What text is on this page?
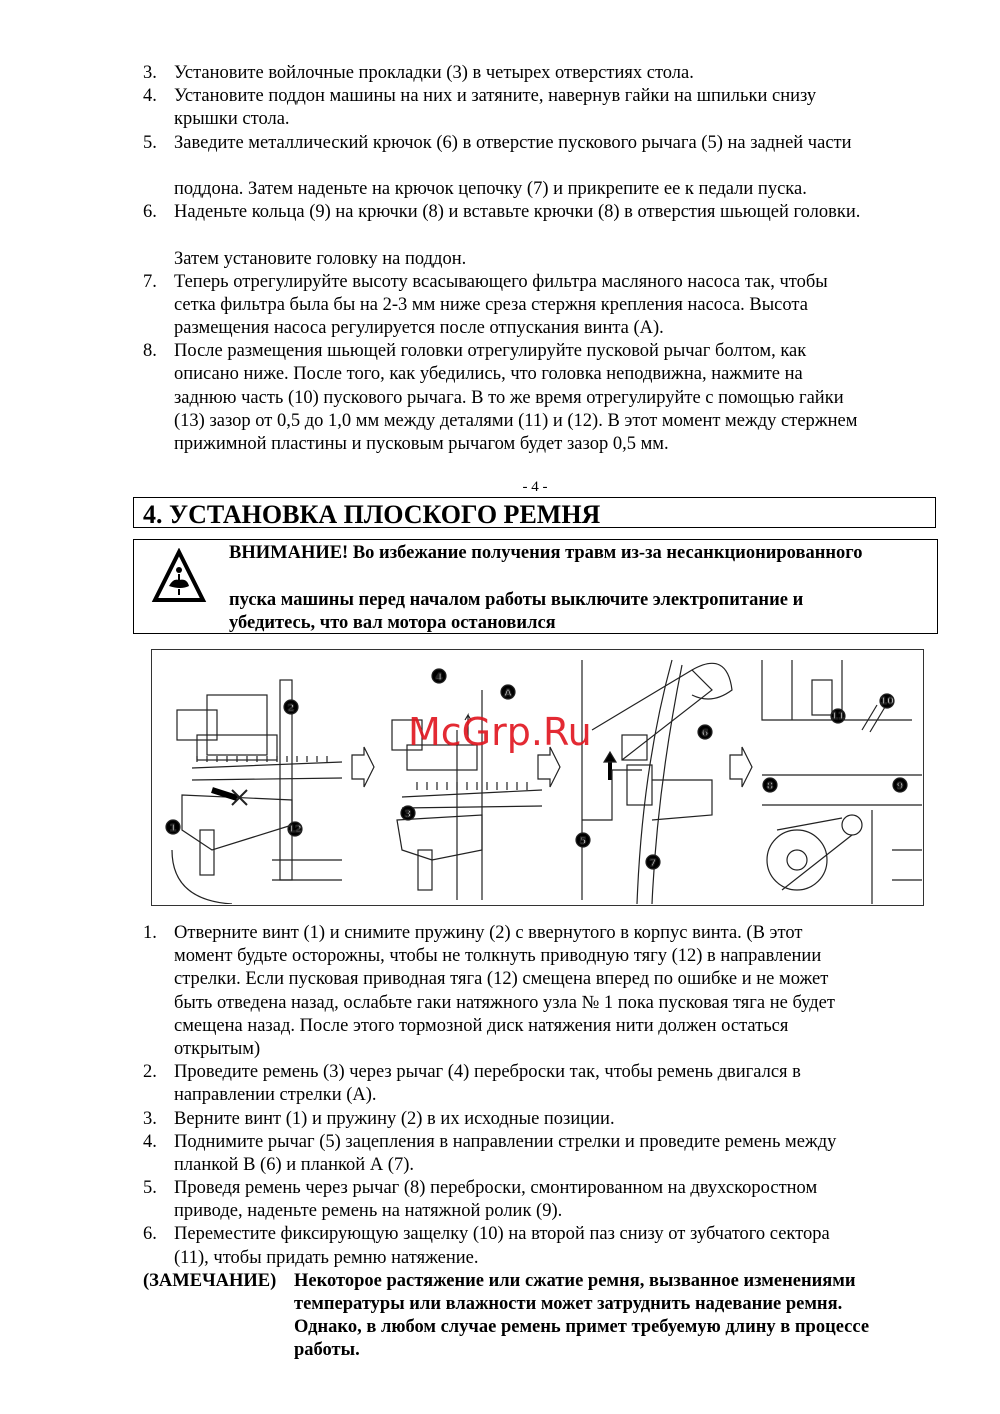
3. Установите войлочные прокладки (3) в четырех отверстиях стола.
4. Установите поддон машины на них и затяните, навернув гайки на шпильки снизу
крышки стола.
5. Заведите металлический крючок (6) в отверстие пускового рычага (5) на задней части
поддона. Затем наденьте на крючок цепочку (7) и прикрепите ее к педали пуска.
6. Наденьте кольца (9) на крючки (8) и вставьте крючки (8) в отверстия шьющей головки.
Затем установите головку на поддон.
7. Теперь отрегулируйте высоту всасывающего фильтра масляного насоса так, чтобы
сетка фильтра была бы на 2-3 мм ниже среза стержня крепления насоса. Высота
размещения насоса регулируется после отпускания винта (А).
8. После размещения шьющей головки отрегулируйте пусковой рычаг болтом, как
описано ниже. После того, как убедились, что головка неподвижна, нажмите на
заднюю часть (10) пускового рычага. В то же время отрегулируйте с помощью гайки
(13) зазор от 0,5 до 1,0 мм между деталями (11) и (12). В этот момент между стержнем
прижимной пластины и пусковым рычагом будет зазор 0,5 мм.
- 4 -
4. УСТАНОВКА ПЛОСКОГО РЕМНЯ
ВНИМАНИЕ! Во избежание получения травм из-за несанкционированного
пуска машины перед началом работы выключите электропитание и
убедитесь, что вал мотора остановился
1
2
12
4
A
3
5
6
7
8	9
10
11
McGrp.Ru
1. Отверните винт (1) и снимите пружину (2) с ввернутого в корпус винта. (В этот
момент будьте осторожны, чтобы не толкнуть приводную тягу (12) в направлении
стрелки. Если пусковая приводная тяга (12) смещена вперед по ошибке и не может
быть отведена назад, ослабьте гаки натяжного узла № 1 пока пусковая тяга не будет
смещена назад. После этого тормозной диск натяжения нити должен остаться
открытым)
2. Проведите ремень (3) через рычаг (4) переброски так, чтобы ремень двигался в
направлении стрелки (А).
3. Верните винт (1) и пружину (2) в их исходные позиции.
4. Поднимите рычаг (5) зацепления в направлении стрелки и проведите ремень между
планкой В (6) и планкой А (7).
5. Проведя ремень через рычаг (8) переброски, смонтированном на двухскоростном
приводе, наденьте ремень на натяжной ролик (9).
6. Переместите фиксирующую защелку (10) на второй паз снизу от зубчатого сектора
(11), чтобы придать ремню натяжение.
(ЗАМЕЧАНИЕ) Некоторое растяжение или сжатие ремня, вызванное изменениями
температуры или влажности может затруднить надевание ремня.
Однако, в любом случае ремень примет требуемую длину в процессе
работы.
